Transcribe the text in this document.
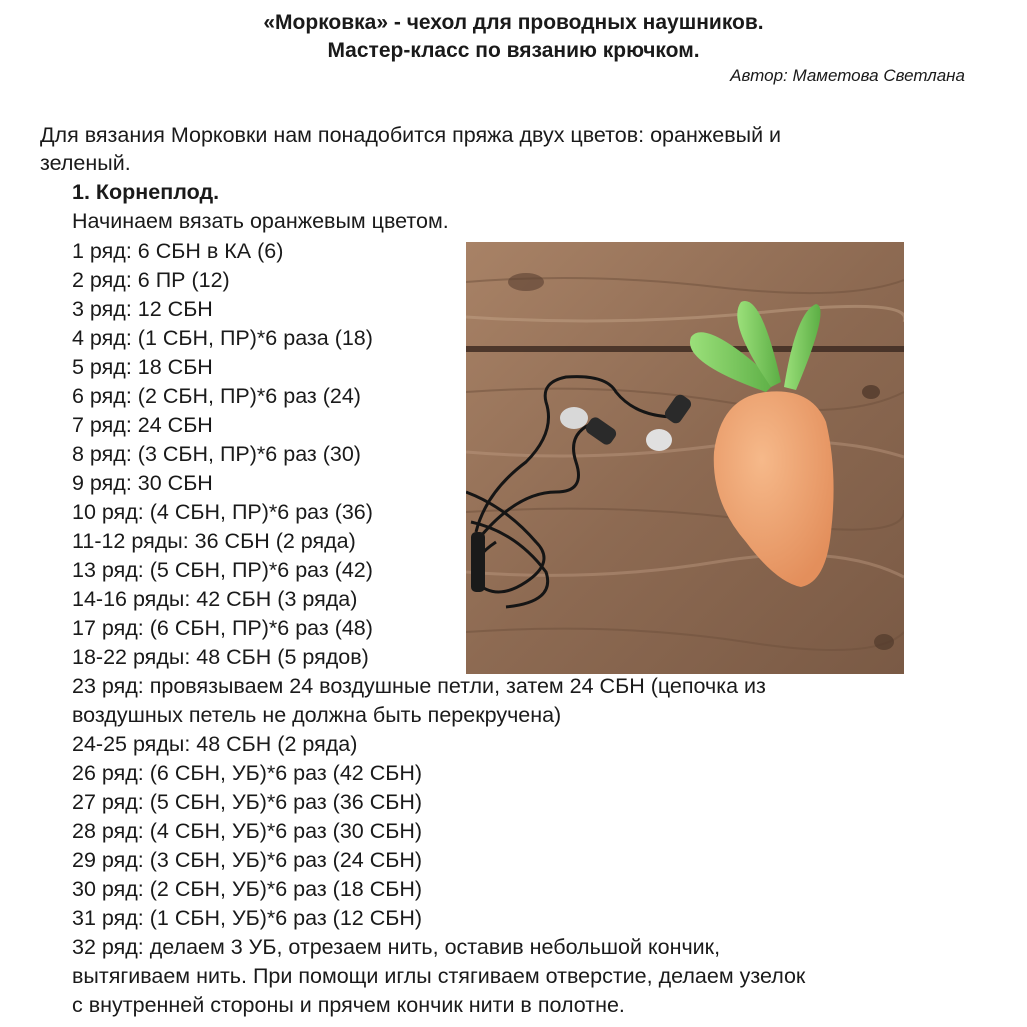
«Морковка» - чехол для проводных наушников.
Мастер-класс по вязанию крючком.
Автор: Маметова Светлана
Для вязания Морковки нам понадобится пряжа двух цветов: оранжевый и
зеленый.
1. Корнеплод.
Начинаем вязать оранжевым цветом.
1 ряд: 6 СБН в КА (6)
2 ряд: 6 ПР (12)
3 ряд: 12 СБН
4 ряд: (1 СБН, ПР)*6 раза (18)
5 ряд: 18 СБН
6 ряд: (2 СБН, ПР)*6 раз (24)
7 ряд: 24 СБН
8 ряд: (3 СБН, ПР)*6 раз (30)
9 ряд: 30 СБН
10 ряд: (4 СБН, ПР)*6 раз (36)
11-12 ряды: 36 СБН (2 ряда)
13 ряд: (5 СБН, ПР)*6 раз (42)
14-16 ряды: 42 СБН (3 ряда)
17 ряд: (6 СБН, ПР)*6 раз (48)
18-22 ряды: 48 СБН (5 рядов)
23 ряд: провязываем 24 воздушные петли, затем 24 СБН (цепочка из
воздушных петель не должна быть перекручена)
24-25 ряды: 48 СБН (2 ряда)
26 ряд: (6 СБН, УБ)*6 раз (42 СБН)
27 ряд: (5 СБН, УБ)*6 раз (36 СБН)
28 ряд: (4 СБН, УБ)*6 раз (30 СБН)
29 ряд: (3 СБН, УБ)*6 раз (24 СБН)
30 ряд: (2 СБН, УБ)*6 раз (18 СБН)
31 ряд: (1 СБН, УБ)*6 раз (12 СБН)
32 ряд: делаем 3 УБ, отрезаем нить, оставив небольшой кончик,
вытягиваем нить. При помощи иглы стягиваем отверстие, делаем узелок
с внутренней стороны и прячем кончик нити в полотне.
